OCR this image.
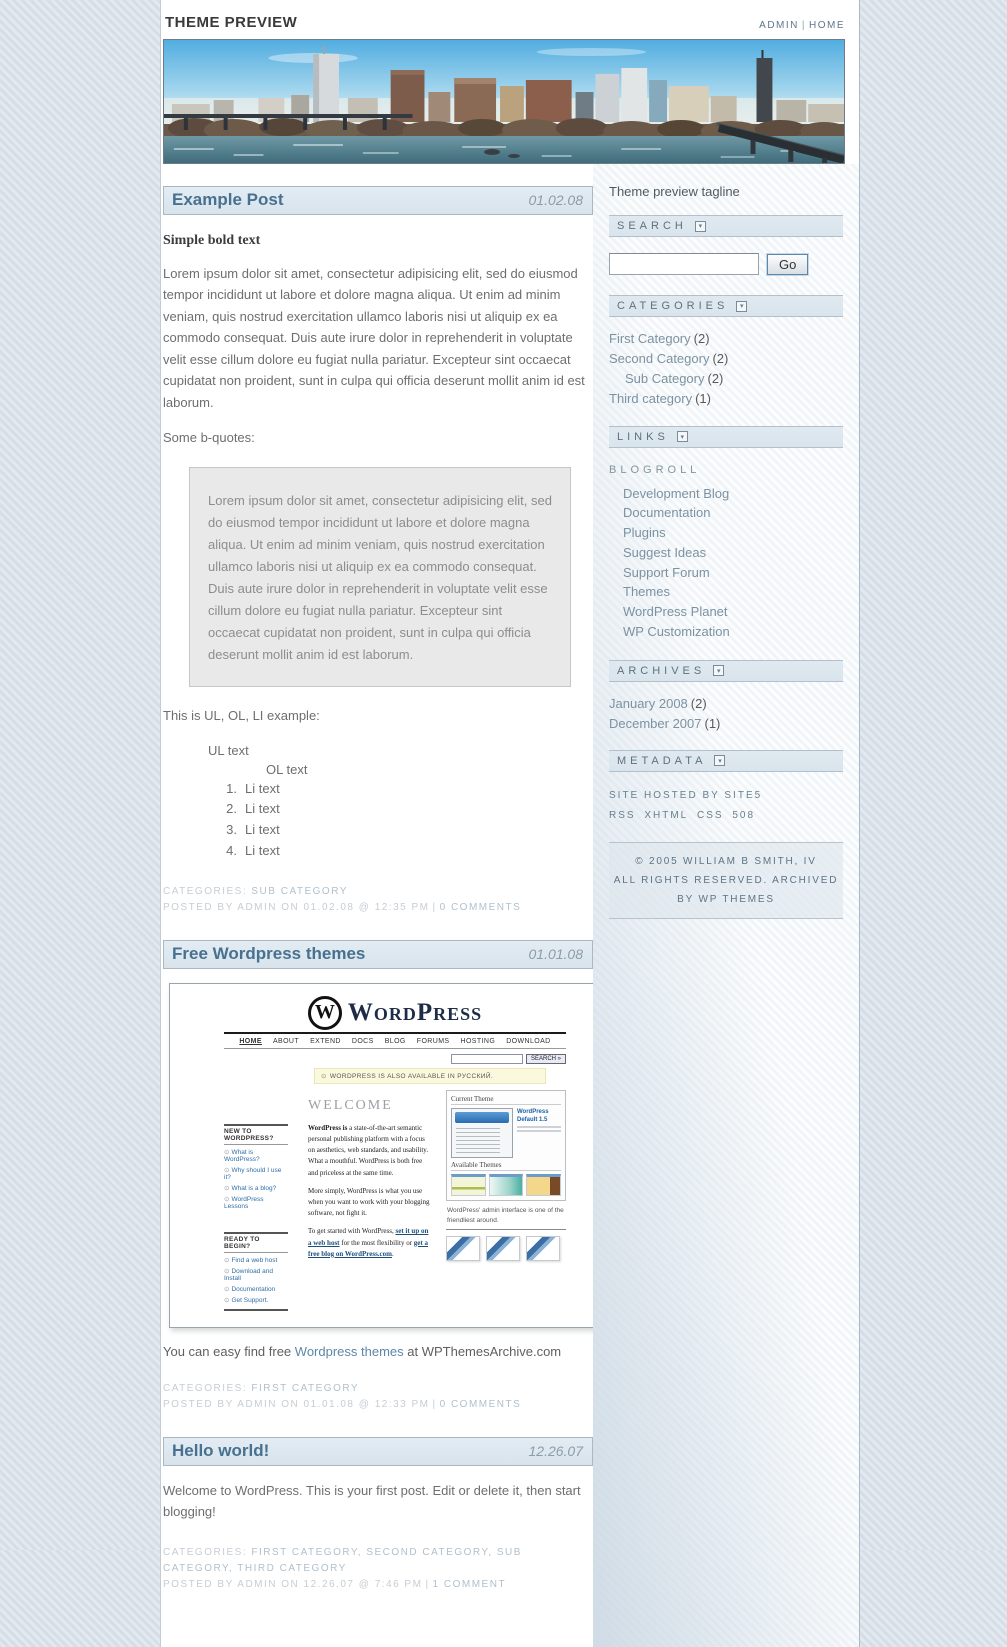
THEME PREVIEW	ADMIN | HOME
Example Post	01.02.08

Simple bold text

Lorem ipsum dolor sit amet, consectetur adipisicing elit, sed do eiusmod tempor incididunt ut labore et dolore magna aliqua. Ut enim ad minim veniam, quis nostrud exercitation ullamco laboris nisi ut aliquip ex ea commodo consequat. Duis aute irure dolor in reprehenderit in voluptate velit esse cillum dolore eu fugiat nulla pariatur. Excepteur sint occaecat cupidatat non proident, sunt in culpa qui officia deserunt mollit anim id est laborum.

Some b-quotes:

Lorem ipsum dolor sit amet, consectetur adipisicing elit, sed do eiusmod tempor incididunt ut labore et dolore magna aliqua. Ut enim ad minim veniam, quis nostrud exercitation ullamco laboris nisi ut aliquip ex ea commodo consequat. Duis aute irure dolor in reprehenderit in voluptate velit esse cillum dolore eu fugiat nulla pariatur. Excepteur sint occaecat cupidatat non proident, sunt in culpa qui officia deserunt mollit anim id est laborum.

This is UL, OL, LI example:

UL text
OL text
1. Li text
2. Li text
3. Li text
4. Li text
CATEGORIES: SUB CATEGORY
POSTED BY ADMIN ON 01.02.08 @ 12:35 PM | 0 COMMENTS
Free Wordpress themes	01.01.08
W WordPress
HOME ABOUT EXTEND DOCS BLOG FORUMS HOSTING DOWNLOAD
SEARCH »
⊙ WORDPRESS IS ALSO AVAILABLE IN РУССКИЙ.
NEW TO WORDPRESS?
⊙ What is WordPress?
⊙ Why should I use it?
⊙ What is a blog?
⊙ WordPress Lessons
READY TO BEGIN?
⊙ Find a web host
⊙ Download and Install
⊙ Documentation
⊙ Get Support.
WELCOME

WordPress is a state-of-the-art semantic personal publishing platform with a focus on aesthetics, web standards, and usability. What a mouthful. WordPress is both free and priceless at the same time.

More simply, WordPress is what you use when you want to work with your blogging software, not fight it.

To get started with WordPress, set it up on a web host for the most flexibility or get a free blog on WordPress.com.

Current Theme
WordPress Default 1.5
Available Themes
WordPress' admin interface is one of the friendliest around.

You can easy find free Wordpress themes at WPThemesArchive.com

CATEGORIES: FIRST CATEGORY
POSTED BY ADMIN ON 01.01.08 @ 12:33 PM | 0 COMMENTS
Hello world!	12.26.07

Welcome to WordPress. This is your first post. Edit or delete it, then start blogging!

CATEGORIES: FIRST CATEGORY, SECOND CATEGORY, SUB CATEGORY, THIRD CATEGORY
POSTED BY ADMIN ON 12.26.07 @ 7:46 PM | 1 COMMENT
Theme preview tagline
SEARCH	▾
Go
CATEGORIES	▾
First Category (2)
Second Category (2)
Sub Category (2)
Third category (1)
LINKS	▾
BLOGROLL
Development Blog
Documentation
Plugins
Suggest Ideas
Support Forum
Themes
WordPress Planet
WP Customization
ARCHIVES	▾
January 2008 (2)
December 2007 (1)
METADATA	▾
SITE HOSTED BY SITE5
RSS XHTML CSS 508
© 2005 WILLIAM B SMITH, IV
ALL RIGHTS RESERVED. ARCHIVED BY WP THEMES
